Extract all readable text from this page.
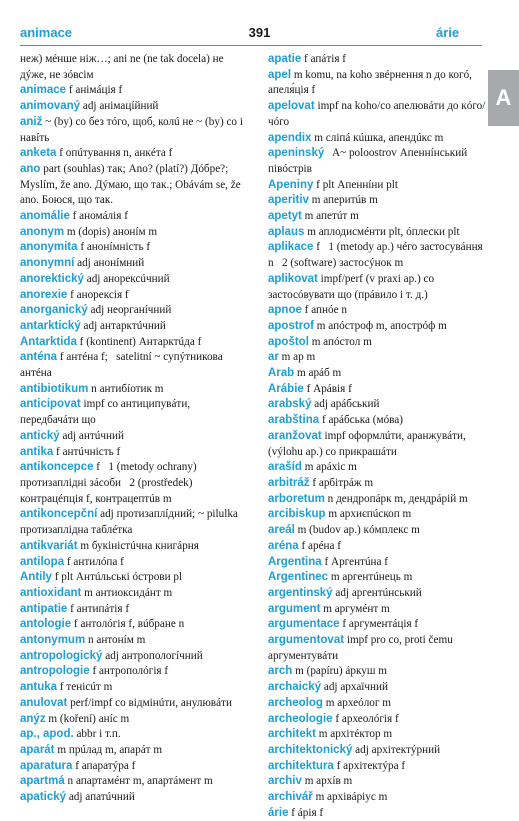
animace	391	árie
нeж) мéнше ніж…; ani ne (ne tak docela) не дýже, не зóвсім
animace f анімáція f
animovaný adj анімацíйний
aniž ~ (by) со без тóго, щоб, колú не ~ (by) со і навíть
anketa f опúтування n, анкéта f
ano part (souhlas) так; Ano? (platí?) Дóбре?; Myslím, že ano. Дýмаю, що так.; Obávám se, že ano. Бoюся, що так.
anomálie f аномáлія f
anonym m (dopis) анонíм m
anonymita f анонíмність f
anonymní adj анонíмний
anorektický adj анорексúчний
anorexie f анорексія f
anorganický adj неорганíчний
antarktický adj антарктúчний
Antarktida f (kontinent) Антарктúда f
anténa f антéна f;   satelitní ~ супýтникова антéна
antibiotikum n антибíотик m
anticipovat impf co антиципувáти, передбачáти щo
antický adj антúчний
antika f антúчність f
antikoncepce f   1 (metody ochrany) протизаплідні зáсоби   2 (prostředek) контрацéпція f, контрацептúв m
antikoncepční adj протизаплíдний; ~ pilulka протизаплідна таблéтка
antikvariát m букіністúчна книгáрня
antilopa f антилóпа f
Antily f plt Антúльські óстрови pl
antioxidant m антиоксидáнт m
antipatie f антипáтія f
antologie f антолóгія f, вúбране n
antonymum n антонíм m
antropologický adj антропологíчний
antropologie f антрополóгія f
antuka f тенісúт m
anulovat perf/impf co відмінúти, анулювáти
anýz m (koření) анíс m
ap., apod. abbr і т.п.
aparát m прúлад m, апарáт m
aparatura f апаратýра f
apartmá n апартамéнт m, апартáмент m
apatický adj апатúчний
apatie f апáтія f
apel m komu, na koho звéрнення n до когó, апеля́ція f
apelovat impf na koho/co апелювáти до кóго/чóго
apendix m сліпá кúшка, апендúкс m
apeninský   A~ poloostrov Апеннíнський півóстрів
Apeniny f plt Апеннíни plt
aperitiv m аперитúв m
apetyt m апетúт m
aplaus m аплодисмéнти plt, óплески plt
aplikace f   1 (metody ap.) чéго застосувáння n   2 (software) застосýнок m
aplikovat impf/perf (v praxi ap.) co застосóвувати щo (прáвило і т. д.)
apnoe f апнóе n
apostrof m апóстроф m, апострóф m
apoštol m апóстол m
ar m ар m
Arab m арáб m
Arábie f Арáвія f
arabský adj арáбський
arabština f арáбська (мóва)
aranžovat impf оформлúти, аранжувáти, (výlohu ap.) со прикрашáти
arašíd m арáхіс m
arbitráž f арбітрáж m
arboretum n дендропáрк m, дендрáрій m
arcibiskup m архиєпúскоп m
areál m (budov ap.) кóмплекс m
aréna f арéна f
Argentina f Аргентúна f
Argentinec m аргентúнець m
argentinský adj аргентúнський
argument m аргумéнт m
argumentace f аргументáція f
argumentovat impf pro co, proti čemu аргументувáти
arch m (papíru) áркуш m
archaický adj архаїчний
archeolog m археóлог m
archeologie f археолóгія f
architekt m архітéктор m
architektonický adj архітектýрний
architektura f архітектýра f
archiv m архíв m
archivář m архівáріус m
árie f áрія f
A
